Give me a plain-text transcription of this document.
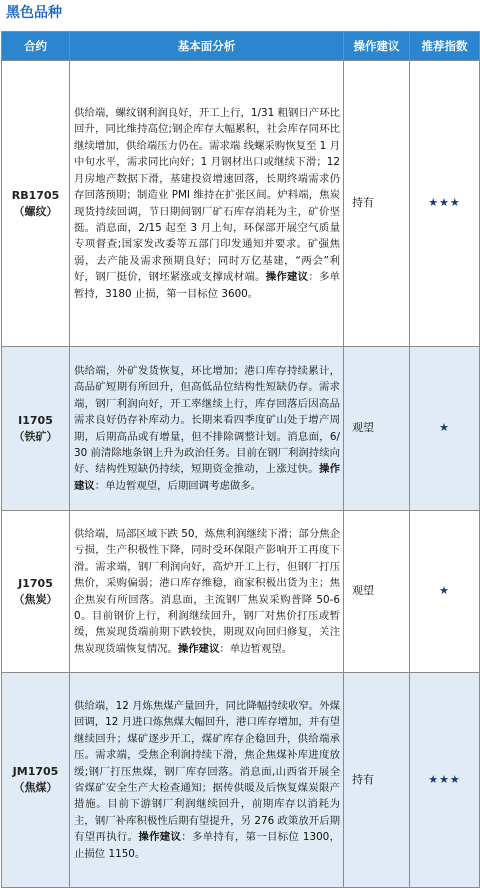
黑色品种
合约	基本面分析	操作建议	推荐指数

RB1705
（螺纹）	供给端，螺纹钢利润良好，开工上行，1/31 粗钢日产环比回升，同比维持高位;钢企库存大幅累积，社会库存同环比继续增加，供给端压力仍在。需求端 线螺采购恢复至 1 月中旬水平，需求同比向好；1 月钢材出口或继续下滑；12 月房地产数据下滑，基建投资增速回落，长期终端需求仍存回落预期；制造业 PMI 维持在扩张区间。炉料端，焦炭现货持续回调，节日期间钢厂矿石库存消耗为主，矿价坚挺。消息面，2/15 起至 3 月上旬，环保部开展空气质量专项督查;国家发改委等五部门印发通知并要求。矿强焦弱，去产能及需求预期良好；同时万亿基建，“两会”利好，钢厂挺价，钢坯紧涨或支撑成材端。操作建议：多单暂持，3180 止损，第一目标位 3600。	持有	★★★

I1705
（铁矿）	供给端，外矿发货恢复，环比增加；港口库存持续累计，高品矿短期有所回升，但高低品位结构性短缺仍存。需求端，钢厂利润向好，开工率继续上行，库存回落后因高品需求良好仍存补库动力。长期来看四季度矿山处于增产周期，后期高品或有增量，但不排除调整计划。消息面，6/30 前清除地条钢上升为政治任务。目前在钢厂利润持续向好、结构性短缺仍持续，短期资金推动，上涨过快。操作建议：单边暂观望，后期回调考虑做多。	观望	★

J1705
（焦炭）	供给端，局部区域下跌 50，炼焦利润继续下滑；部分焦企亏损，生产积极性下降，同时受环保限产影响开工再度下滑。需求端，钢厂利润向好，高炉开工上行，但钢厂打压焦价，采购偏弱；港口库存维稳，商家积极出货为主；焦企焦炭有所回落。消息面，主流钢厂焦炭采购普降 50-60。目前钢价上行，利润继续回升，钢厂对焦价打压或暂缓，焦炭现货端前期下跌较快，期现双向回归修复，关注焦炭现货端恢复情况。操作建议：单边暂观望。	观望	★

JM1705
（焦煤）	供给端，12 月炼焦煤产量回升，同比降幅持续收窄。外煤回调，12 月进口炼焦煤大幅回升，港口库存增加，并有望继续回升；煤矿逐步开工，煤矿库存企稳回升，供给端承压。需求端，受焦企利润持续下滑，焦企焦煤补库进度放缓;钢厂打压焦煤，钢厂库存回落。消息面,山西省开展全省煤矿安全生产大检查通知；据传供暖及后恢复煤炭限产措施。目前下游钢厂利润继续回升，前期库存以消耗为主，钢厂补库积极性后期有望提升，另 276 政策放开后期有望再执行。操作建议：多单持有，第一目标位 1300，止损位 1150。	持有	★★★
